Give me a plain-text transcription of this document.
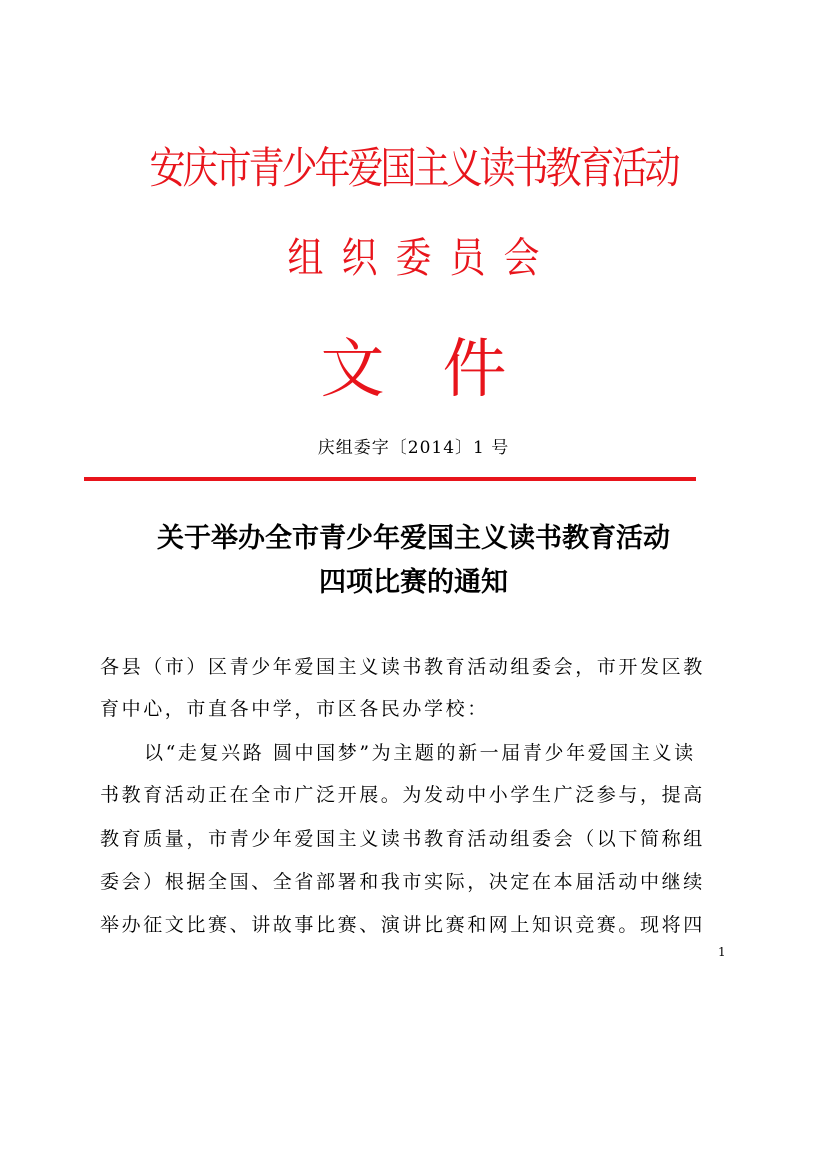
安庆市青少年爱国主义读书教育活动
组织委员会
文件
庆组委字〔2014〕1 号
关于举办全市青少年爱国主义读书教育活动
四项比赛的通知
各县（市）区青少年爱国主义读书教育活动组委会，市开发区教
育中心，市直各中学，市区各民办学校：
以“走复兴路 圆中国梦”为主题的新一届青少年爱国主义读
书教育活动正在全市广泛开展。为发动中小学生广泛参与，提高
教育质量，市青少年爱国主义读书教育活动组委会（以下简称组
委会）根据全国、全省部署和我市实际，决定在本届活动中继续
举办征文比赛、讲故事比赛、演讲比赛和网上知识竞赛。现将四
1
